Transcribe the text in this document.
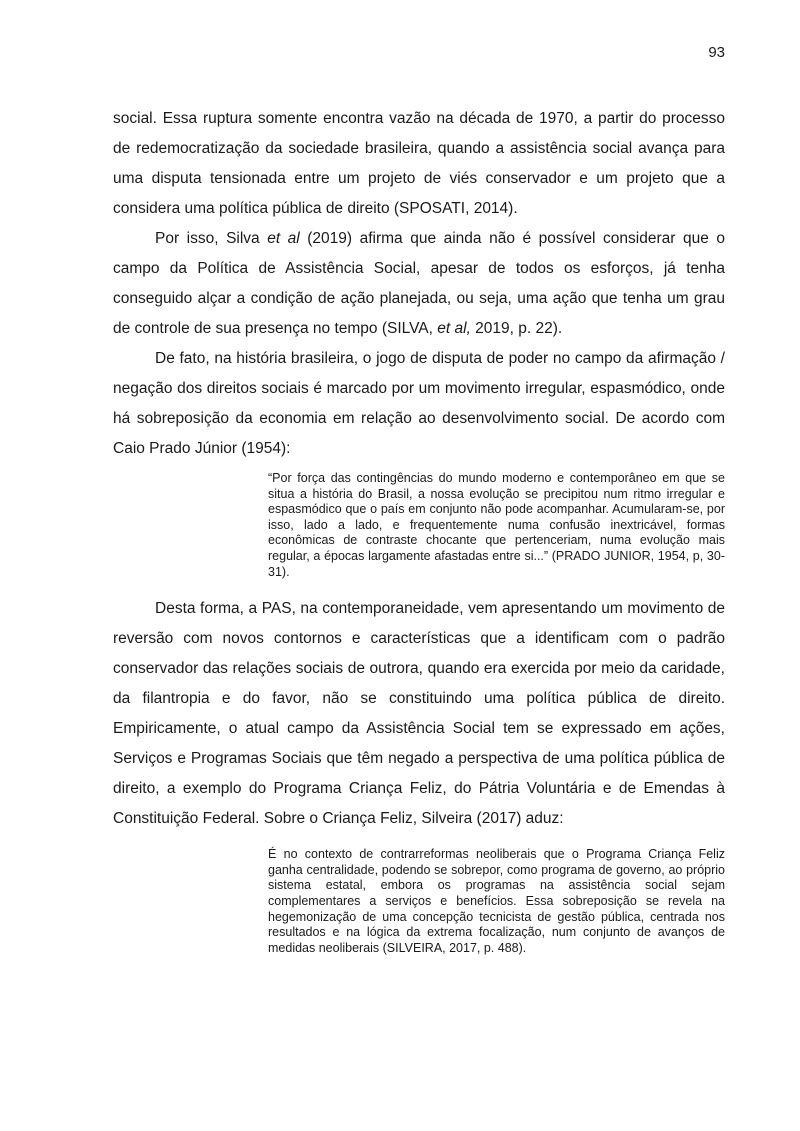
93

social. Essa ruptura somente encontra vazão na década de 1970, a partir do processo de redemocratização da sociedade brasileira, quando a assistência social avança para uma disputa tensionada entre um projeto de viés conservador e um projeto que a considera uma política pública de direito (SPOSATI, 2014).

Por isso, Silva et al (2019) afirma que ainda não é possível considerar que o campo da Política de Assistência Social, apesar de todos os esforços, já tenha conseguido alçar a condição de ação planejada, ou seja, uma ação que tenha um grau de controle de sua presença no tempo (SILVA, et al, 2019, p. 22).

De fato, na história brasileira, o jogo de disputa de poder no campo da afirmação / negação dos direitos sociais é marcado por um movimento irregular, espasmódico, onde há sobreposição da economia em relação ao desenvolvimento social. De acordo com Caio Prado Júnior (1954):

“Por força das contingências do mundo moderno e contemporâneo em que se situa a história do Brasil, a nossa evolução se precipitou num ritmo irregular e espasmódico que o país em conjunto não pode acompanhar. Acumularam-se, por isso, lado a lado, e frequentemente numa confusão inextricável, formas econômicas de contraste chocante que pertenceriam, numa evolução mais regular, a épocas largamente afastadas entre si...” (PRADO JUNIOR, 1954, p, 30-31).

Desta forma, a PAS, na contemporaneidade, vem apresentando um movimento de reversão com novos contornos e características que a identificam com o padrão conservador das relações sociais de outrora, quando era exercida por meio da caridade, da filantropia e do favor, não se constituindo uma política pública de direito. Empiricamente, o atual campo da Assistência Social tem se expressado em ações, Serviços e Programas Sociais que têm negado a perspectiva de uma política pública de direito, a exemplo do Programa Criança Feliz, do Pátria Voluntária e de Emendas à Constituição Federal. Sobre o Criança Feliz, Silveira (2017) aduz:

É no contexto de contrarreformas neoliberais que o Programa Criança Feliz ganha centralidade, podendo se sobrepor, como programa de governo, ao próprio sistema estatal, embora os programas na assistência social sejam complementares a serviços e benefícios. Essa sobreposição se revela na hegemonização de uma concepção tecnicista de gestão pública, centrada nos resultados e na lógica da extrema focalização, num conjunto de avanços de medidas neoliberais (SILVEIRA, 2017, p. 488).
